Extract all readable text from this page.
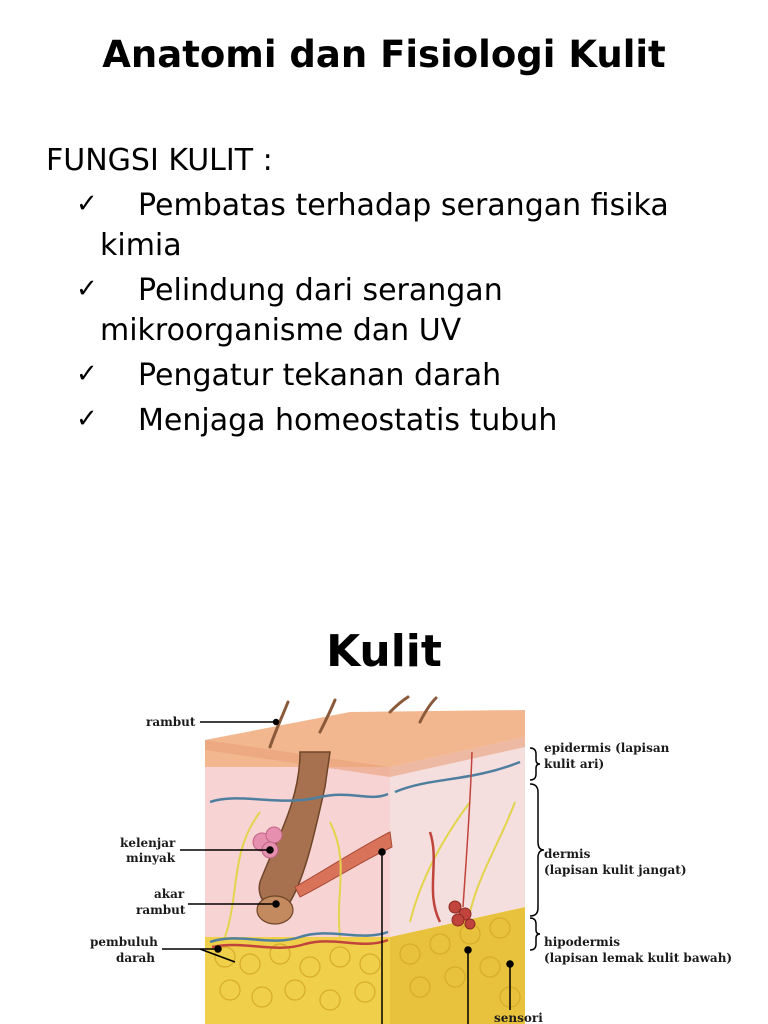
Anatomi dan Fisiologi Kulit

FUNGSI KULIT :

✓	Pembatas terhadap serangan fisika kimia
✓	Pelindung dari serangan mikroorganisme dan UV
✓	Pengatur tekanan darah
✓	Menjaga homeostatis tubuh
Kulit
rambut
kelenjar
minyak
akar
rambut
pembuluh
darah
epidermis (lapisan
kulit ari)
dermis
(lapisan kulit jangat)
hipodermis
(lapisan lemak kulit bawah)
sensori
